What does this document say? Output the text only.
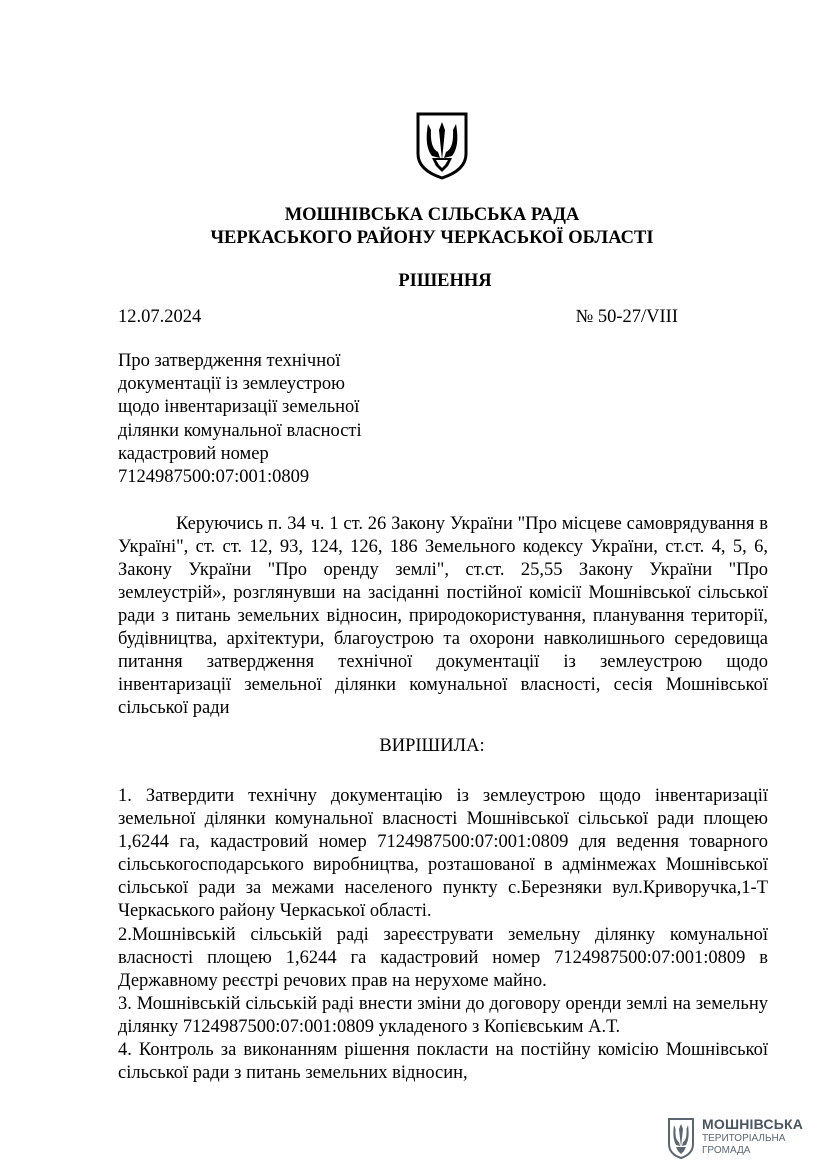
МОШНІВСЬКА СІЛЬСЬКА РАДА
ЧЕРКАСЬКОГО РАЙОНУ ЧЕРКАСЬКОЇ ОБЛАСТІ
РІШЕННЯ
12.07.2024	№ 50-27/VIII
Про затвердження технічної
документації із землеустрою
щодо інвентаризації земельної
ділянки комунальної власності
кадастровий номер
7124987500:07:001:0809
Керуючись п. 34 ч. 1 ст. 26 Закону України "Про місцеве самоврядування в Україні", ст. ст. 12, 93, 124, 126, 186 Земельного кодексу України, ст.ст. 4, 5, 6, Закону України "Про оренду землі", ст.ст. 25,55 Закону України "Про землеустрій», розглянувши на засіданні постійної комісії Мошнівської сільської ради з питань земельних відносин, природокористування, планування території, будівництва, архітектури, благоустрою та охорони навколишнього середовища питання затвердження технічної документації із землеустрою щодо інвентаризації земельної ділянки комунальної власності, сесія Мошнівської сільської ради
ВИРІШИЛА:

1. Затвердити технічну документацію із землеустрою щодо інвентаризації земельної ділянки комунальної власності Мошнівської сільської ради площею 1,6244 га, кадастровий номер 7124987500:07:001:0809 для ведення товарного сільськогосподарського виробництва, розташованої в адмінмежах Мошнівської сільської ради за межами населеного пункту с.Березняки вул.Криворучка,1-Т Черкаського району Черкаської області.

2.Мошнівській сільській раді зареєструвати земельну ділянку комунальної власності площею 1,6244 га кадастровий номер 7124987500:07:001:0809 в Державному реєстрі речових прав на нерухоме майно.

3. Мошнівській сільській раді внести зміни до договору оренди землі на земельну ділянку 7124987500:07:001:0809 укладеного з Копієвським А.Т.

4. Контроль за виконанням рішення покласти на постійну комісію Мошнівської сільської ради з питань земельних відносин,

МОШНІВСЬКА
ТЕРИТОРІАЛЬНА
ГРОМАДА
